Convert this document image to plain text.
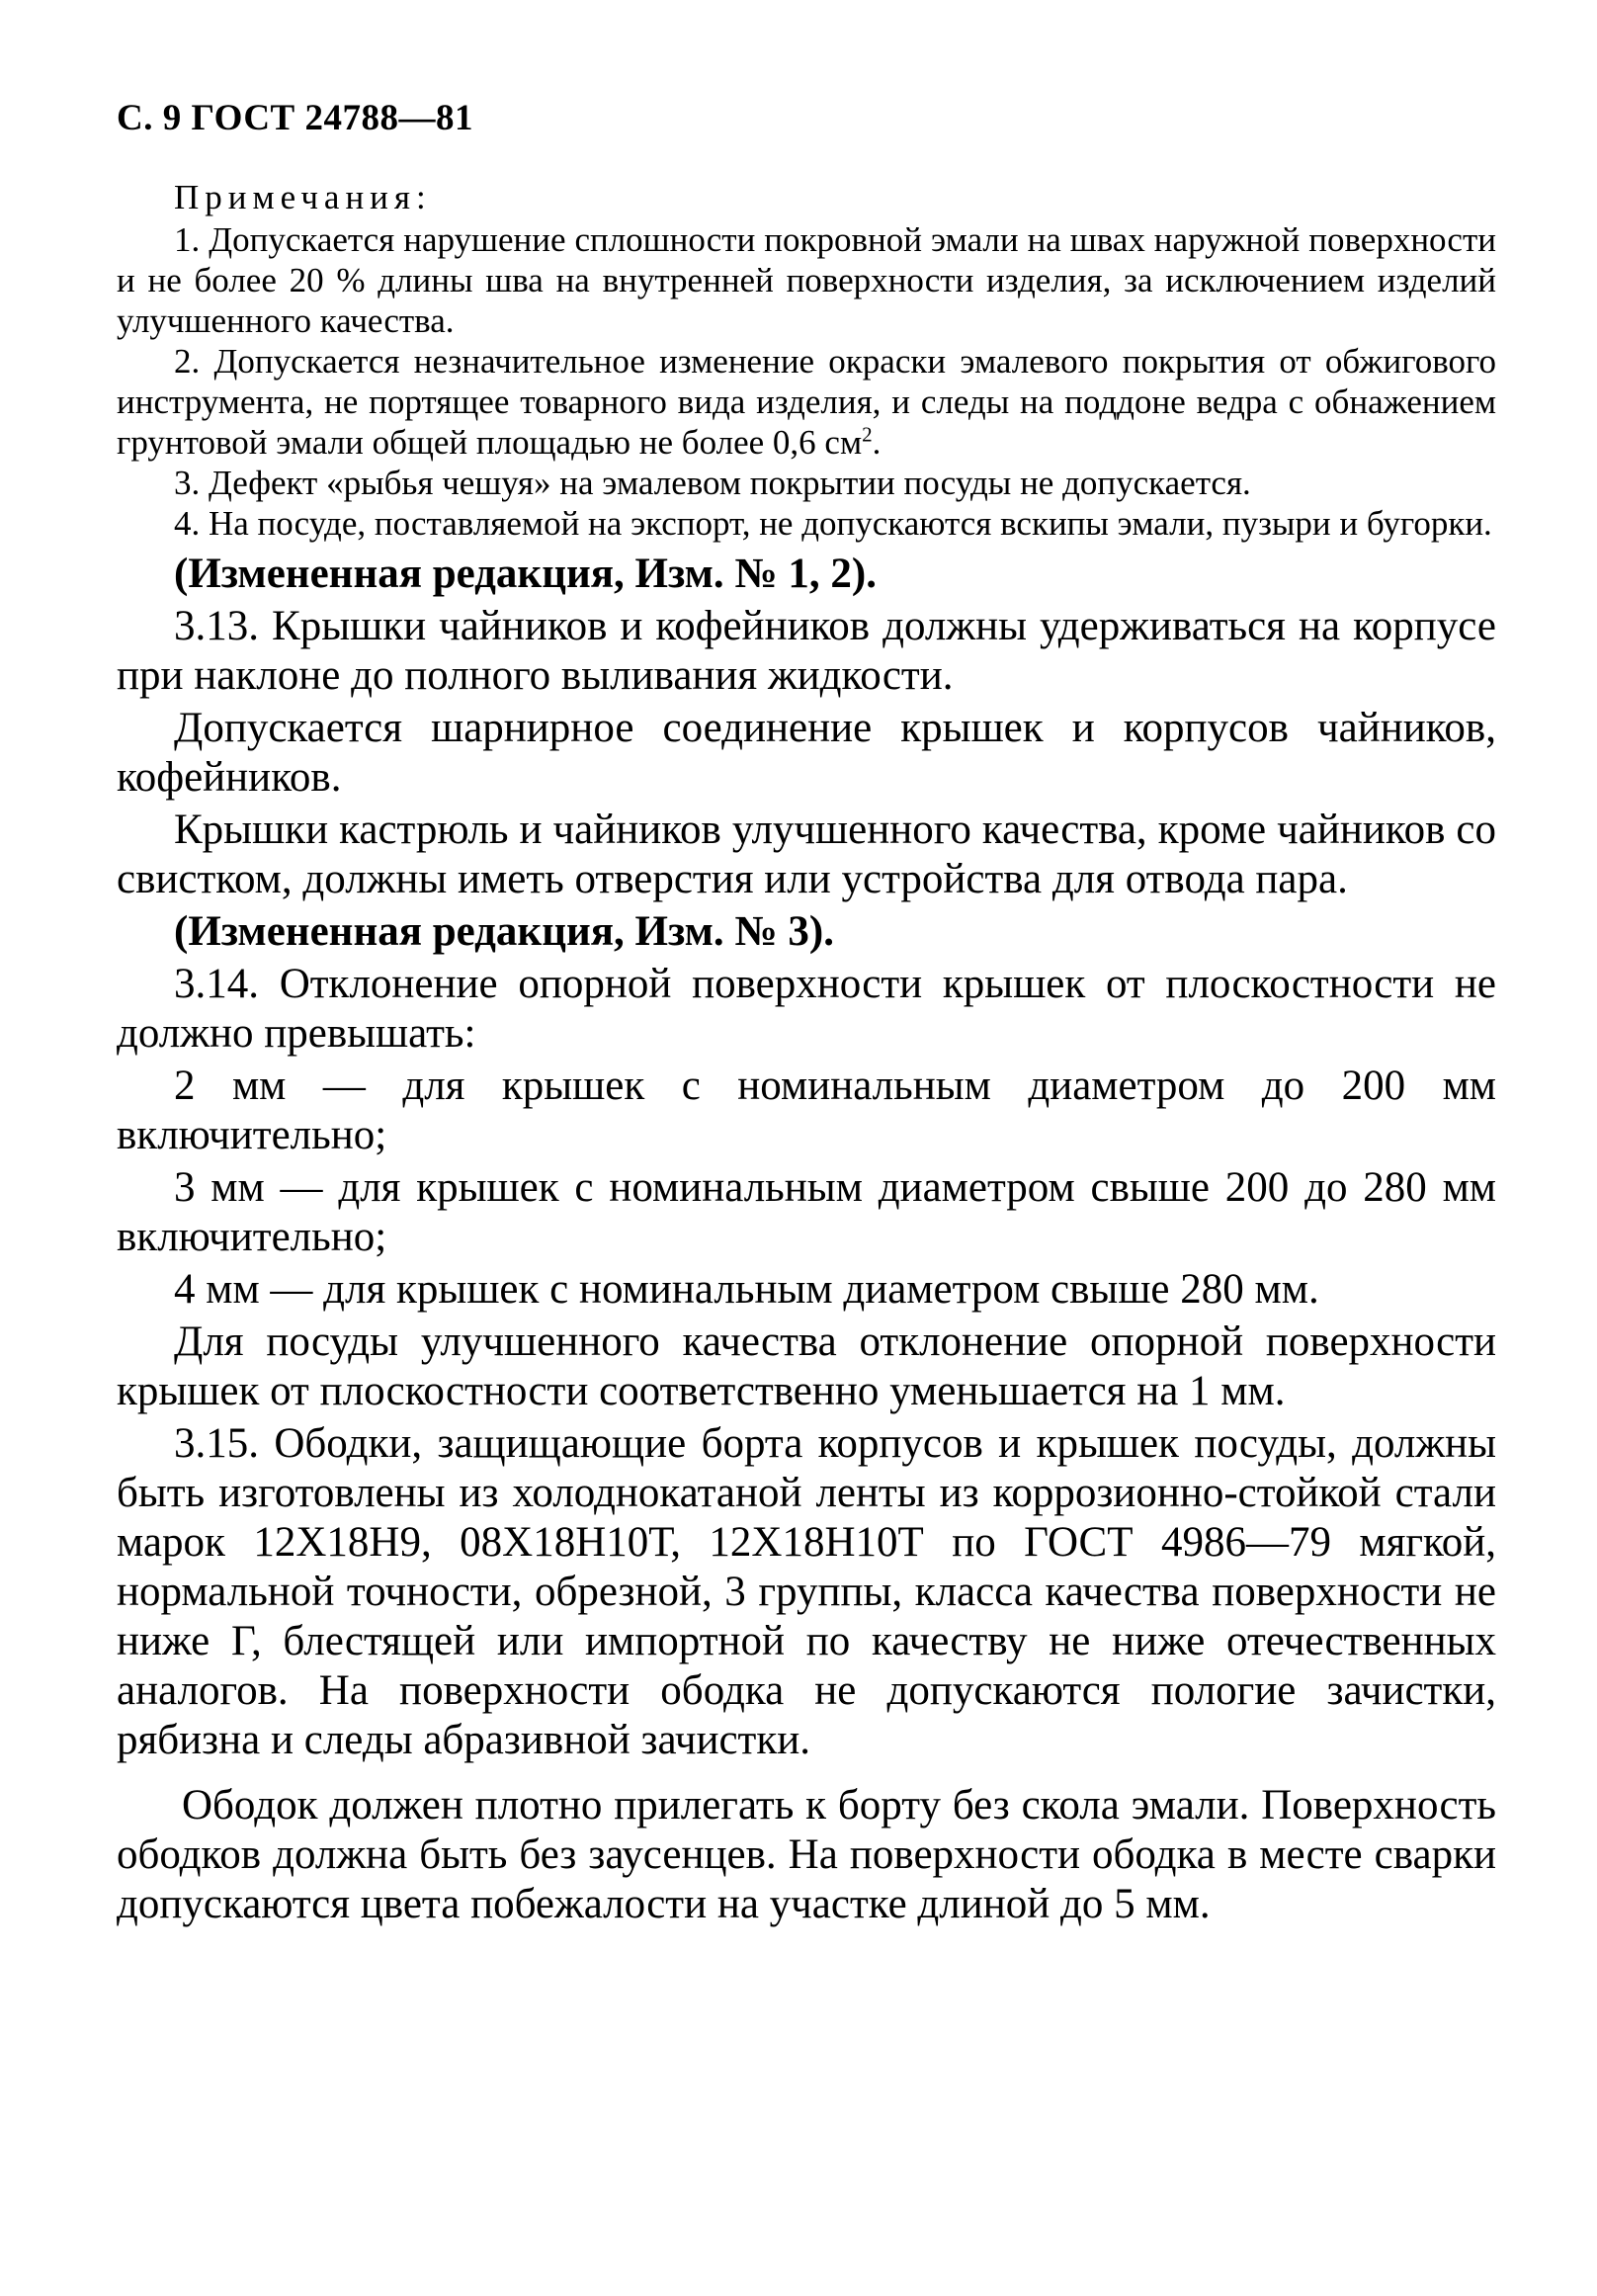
С. 9 ГОСТ 24788—81
Примечания:

1. Допускается нарушение сплошности покровной эмали на швах наружной поверхности и не более 20 % длины шва на внутренней поверхности изделия, за исключением изделий улучшенного качества.

2. Допускается незначительное изменение окраски эмалевого покрытия от обжигового инструмента, не портящее товарного вида изделия, и следы на поддоне ведра с обнажением грунтовой эмали общей площадью не более 0,6 $см^2$.

3. Дефект «рыбья чешуя» на эмалевом покрытии посуды не допускается.

4. На посуде, поставляемой на экспорт, не допускаются вскипы эмали, пузыри и бугорки.

(Измененная редакция, Изм. № 1, 2).

3.13. Крышки чайников и кофейников должны удерживаться на корпусе при наклоне до полного выливания жидкости.

Допускается шарнирное соединение крышек и корпусов чайников, кофейников.

Крышки кастрюль и чайников улучшенного качества, кроме чайников со свистком, должны иметь отверстия или устройства для отвода пара.

(Измененная редакция, Изм. № 3).

3.14. Отклонение опорной поверхности крышек от плоскостности не должно превышать:

2 мм — для крышек с номинальным диаметром до 200 мм включительно;

3 мм — для крышек с номинальным диаметром свыше 200 до 280 мм включительно;

4 мм — для крышек с номинальным диаметром свыше 280 мм.

Для посуды улучшенного качества отклонение опорной поверхности крышек от плоскостности соответственно уменьшается на 1 мм.

3.15. Ободки, защищающие борта корпусов и крышек посуды, должны быть изготовлены из холоднокатаной ленты из коррозионно-стойкой стали марок 12Х18Н9, 08Х18Н10Т, 12Х18Н10Т по ГОСТ 4986—79 мягкой, нормальной точности, обрезной, 3 группы, класса качества поверхности не ниже Г, блестящей или импортной по качеству не ниже отечественных аналогов. На поверхности ободка не допускаются пологие зачистки, рябизна и следы абразивной зачистки.

Ободок должен плотно прилегать к борту без скола эмали. Поверхность ободков должна быть без заусенцев. На поверхности ободка в месте сварки допускаются цвета побежалости на участке длиной до 5 мм.
